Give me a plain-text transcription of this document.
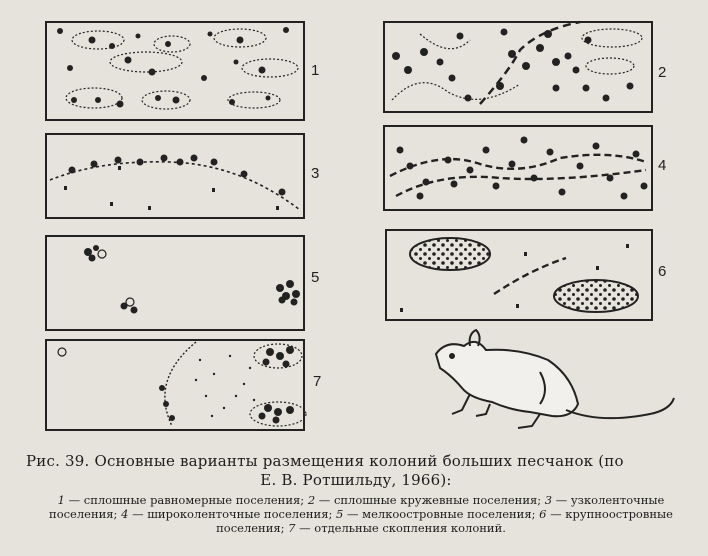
1	2
3	4
5	6
7
Рис. 39. Основные варианты размещения колоний больших песчанок (по
Е. В. Ротшильду, 1966):
1 — сплошные равномерные поселения; 2 — сплошные кружевные поселения; 3 — узколенточные поселения; 4 — широколенточные поселения; 5 — мелкоостровные поселения; 6 — крупноостровные поселения; 7 — отдельные скопления колоний.
